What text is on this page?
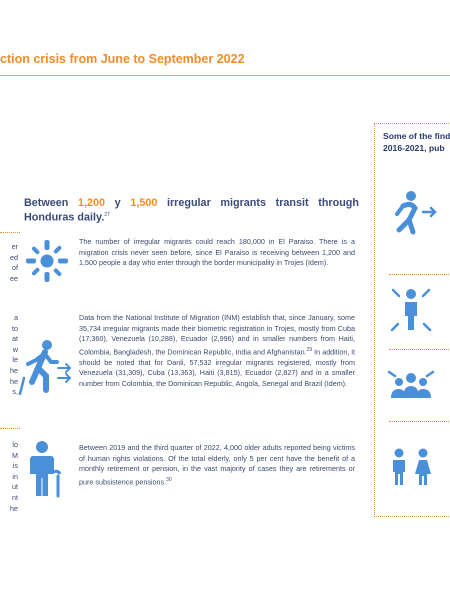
ction crisis from June to September 2022
er
ed
of
ee
a
to
at
w
le
he
he
s,
lo
M
is
in
ut
nt
he
Between 1,200 y 1,500 irregular migrants transit through Honduras daily.$^{27}$
The number of irregular migrants could reach 180,000 in El Paraiso. There is a migration crisis never seen before, since El Paraiso is receiving between 1,200 and 1,500 people a day who enter through the border municipality in Trojes (Idem).
Data from the National Institute of Migration (INM) establish that, since January, some 35,734 irregular migrants made their biometric registration in Trojes, mostly from Cuba (17,360), Venezuela (10,288), Ecuador (2,996) and in smaller numbers from Haiti, Colombia, Bangladesh, the Dominican Republic, India and Afghanistan.$^{29}$ In addition, it should be noted that for Danli, 57,532 irregular migrants registered, mostly from Venezuela (31,309), Cuba (13,363), Haiti (3,815), Ecuador (2,827) and in a smaller number from Colombia, the Dominican Republic, Angola, Senegal and Brazil (Idem).
Between 2019 and the third quarter of 2022, 4,000 older adults reported being victims of human rights violations. Of the total elderly, only 5 per cent have the benefit of a monthly retirement or pension, in the vast majority of cases they are retirements or pure subsistence pensions.$^{30}$
Some of the find
2016-2021, pub
